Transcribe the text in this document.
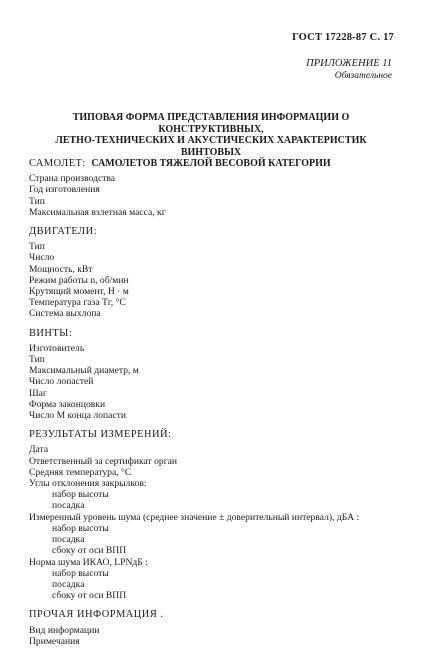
ГОСТ 17228-87 С. 17
ПРИЛОЖЕНИЕ 11
Обязательное
ТИПОВАЯ ФОРМА ПРЕДСТАВЛЕНИЯ ИНФОРМАЦИИ О КОНСТРУКТИВНЫХ,
ЛЕТНО-ТЕХНИЧЕСКИХ И АКУСТИЧЕСКИХ ХАРАКТЕРИСТИК ВИНТОВЫХ
САМОЛЕТОВ ТЯЖЕЛОЙ ВЕСОВОЙ КАТЕГОРИИ
САМОЛЕТ:
Страна производства
Год изготовления
Тип
Максимальная взлетная масса, кг
ДВИГАТЕЛИ:
Тип
Число
Мощность, кВт
Режим работы n, об/мин
Крутящий момент, Н · м
Температура газа Tг, °С
Система выхлопа
ВИНТЫ:
Изготовитель
Тип
Максимальный диаметр, м
Число лопастей
Шаг
Форма законцовки
Число M конца лопасти
РЕЗУЛЬТАТЫ ИЗМЕРЕНИЙ:
Дата
Ответственный за сертификат орган
Средняя температура, °С
Углы отклонения закрылков:
набор высоты
посадка
Измеренный уровень шума (среднее значение ± доверительный интервал), дБА :
набор высоты
посадка
сбоку от оси ВПП
Норма шума ИКАО, LPNдБ :
набор высоты
посадка
сбоку от оси ВПП
ПРОЧАЯ ИНФОРМАЦИЯ .
Вид информации
Примечания
